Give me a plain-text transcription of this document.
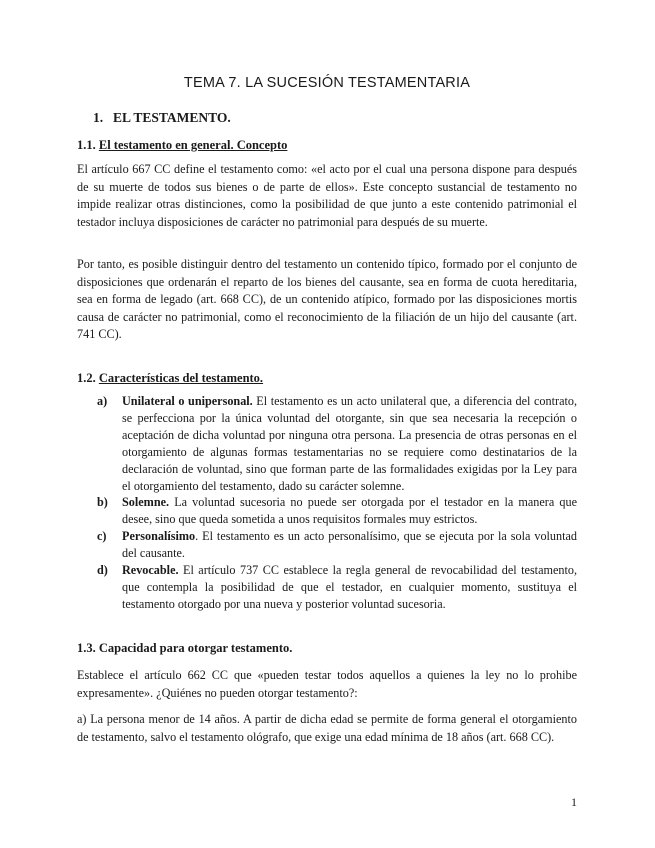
TEMA 7. LA SUCESIÓN TESTAMENTARIA
1. EL TESTAMENTO.
1.1. El testamento en general. Concepto

El artículo 667 CC define el testamento como: «el acto por el cual una persona dispone para después de su muerte de todos sus bienes o de parte de ellos». Este concepto sustancial de testamento no impide realizar otras distinciones, como la posibilidad de que junto a este contenido patrimonial el testador incluya disposiciones de carácter no patrimonial para después de su muerte.

Por tanto, es posible distinguir dentro del testamento un contenido típico, formado por el conjunto de disposiciones que ordenarán el reparto de los bienes del causante, sea en forma de cuota hereditaria, sea en forma de legado (art. 668 CC), de un contenido atípico, formado por las disposiciones mortis causa de carácter no patrimonial, como el reconocimiento de la filiación de un hijo del causante (art. 741 CC).

1.2. Características del testamento.
a) Unilateral o unipersonal. El testamento es un acto unilateral que, a diferencia del contrato, se perfecciona por la única voluntad del otorgante, sin que sea necesaria la recepción o aceptación de dicha voluntad por ninguna otra persona. La presencia de otras personas en el otorgamiento de algunas formas testamentarias no se requiere como destinatarios de la declaración de voluntad, sino que forman parte de las formalidades exigidas por la Ley para el otorgamiento del testamento, dado su carácter solemne.
b) Solemne. La voluntad sucesoria no puede ser otorgada por el testador en la manera que desee, sino que queda sometida a unos requisitos formales muy estrictos.
c) Personalísimo. El testamento es un acto personalísimo, que se ejecuta por la sola voluntad del causante.
d) Revocable. El artículo 737 CC establece la regla general de revocabilidad del testamento, que contempla la posibilidad de que el testador, en cualquier momento, sustituya el testamento otorgado por una nueva y posterior voluntad sucesoria.
1.3. Capacidad para otorgar testamento.

Establece el artículo 662 CC que «pueden testar todos aquellos a quienes la ley no lo prohibe expresamente». ¿Quiénes no pueden otorgar testamento?:

a) La persona menor de 14 años. A partir de dicha edad se permite de forma general el otorgamiento de testamento, salvo el testamento ológrafo, que exige una edad mínima de 18 años (art. 668 CC).

1
